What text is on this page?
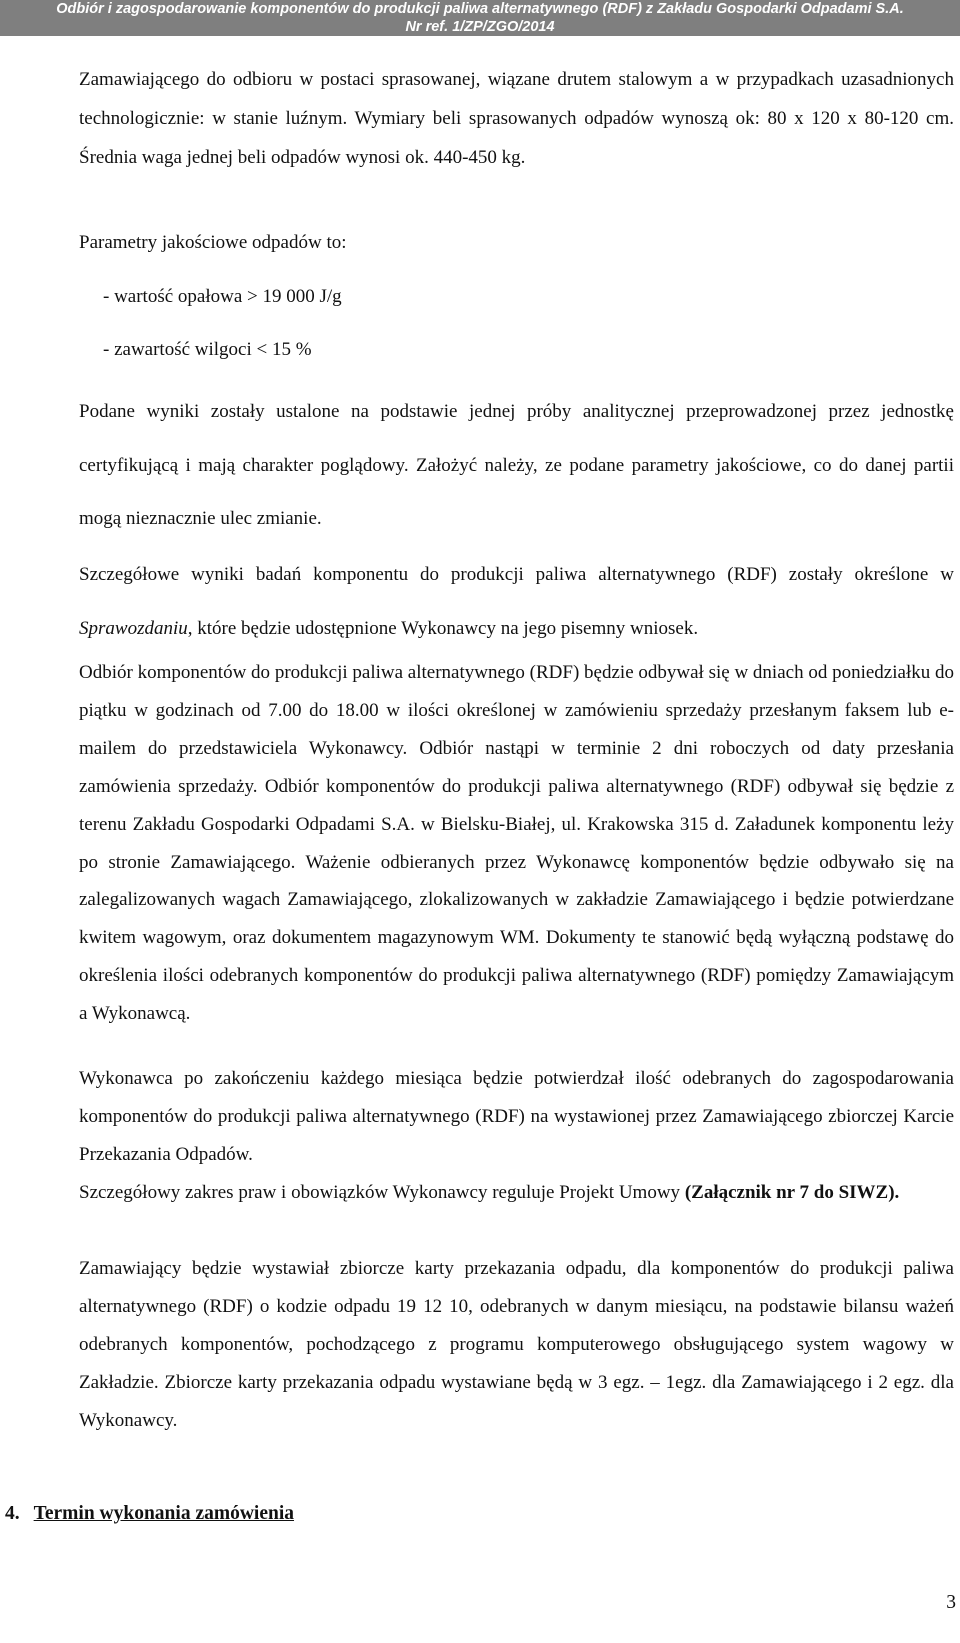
Odbiór i zagospodarowanie komponentów do produkcji paliwa alternatywnego (RDF) z Zakładu Gospodarki Odpadami S.A.
Nr ref. 1/ZP/ZGO/2014

Zamawiającego do odbioru w postaci sprasowanej, wiązane drutem stalowym a w przypadkach uzasadnionych technologicznie: w stanie luźnym. Wymiary beli sprasowanych odpadów wynoszą ok: 80 x 120 x 80-120 cm. Średnia waga jednej beli odpadów wynosi ok. 440-450 kg.

Parametry jakościowe odpadów to:

- wartość opałowa > 19 000 J/g

- zawartość wilgoci < 15 %

Podane wyniki zostały ustalone na podstawie jednej próby analitycznej przeprowadzonej przez jednostkę certyfikującą i mają charakter poglądowy. Założyć należy, ze podane parametry jakościowe, co do danej partii mogą nieznacznie ulec zmianie.

Szczegółowe wyniki badań komponentu do produkcji paliwa alternatywnego (RDF) zostały określone w Sprawozdaniu, które będzie udostępnione Wykonawcy na jego pisemny wniosek.

Odbiór komponentów do produkcji paliwa alternatywnego (RDF) będzie odbywał się w dniach od poniedziałku do piątku w godzinach od 7.00 do 18.00 w ilości określonej w zamówieniu sprzedaży przesłanym faksem lub e-mailem do przedstawiciela Wykonawcy. Odbiór nastąpi w terminie 2 dni roboczych od daty przesłania zamówienia sprzedaży. Odbiór komponentów do produkcji paliwa alternatywnego (RDF) odbywał się będzie z terenu Zakładu Gospodarki Odpadami S.A. w Bielsku-Białej, ul. Krakowska 315 d. Załadunek komponentu leży po stronie Zamawiającego. Ważenie odbieranych przez Wykonawcę komponentów będzie odbywało się na zalegalizowanych wagach Zamawiającego, zlokalizowanych w zakładzie Zamawiającego i będzie potwierdzane kwitem wagowym, oraz dokumentem magazynowym WM. Dokumenty te stanowić będą wyłączną podstawę do określenia ilości odebranych komponentów do produkcji paliwa alternatywnego (RDF) pomiędzy Zamawiającym a Wykonawcą.

Wykonawca po zakończeniu każdego miesiąca będzie potwierdzał ilość odebranych do zagospodarowania komponentów do produkcji paliwa alternatywnego (RDF) na wystawionej przez Zamawiającego zbiorczej Karcie Przekazania Odpadów.

Szczegółowy zakres praw i obowiązków Wykonawcy reguluje Projekt Umowy (Załącznik nr 7 do SIWZ).

Zamawiający będzie wystawiał zbiorcze karty przekazania odpadu, dla komponentów do produkcji paliwa alternatywnego (RDF) o kodzie odpadu 19 12 10, odebranych w danym miesiącu, na podstawie bilansu ważeń odebranych komponentów, pochodzącego z programu komputerowego obsługującego system wagowy w Zakładzie. Zbiorcze karty przekazania odpadu wystawiane będą w 3 egz. – 1egz. dla Zamawiającego i 2 egz. dla Wykonawcy.

4. Termin wykonania zamówienia
3
